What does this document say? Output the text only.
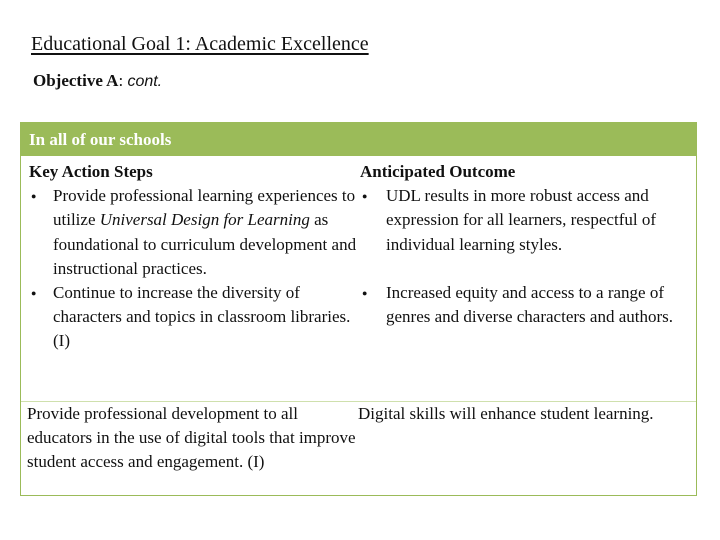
Educational Goal 1: Academic Excellence
Objective A: cont.
In all of our schools
Key Action Steps
● Provide professional learning experiences to utilize Universal Design for Learning as foundational to curriculum development and instructional practices.
● Continue to increase the diversity of characters and topics in classroom libraries. (I)
Anticipated Outcome
● UDL results in more robust access and expression for all learners, respectful of individual learning styles.
● Increased equity and access to a range of genres and diverse characters and authors.

Provide professional development to all educators in the use of digital tools that improve student access and engagement. (I)

Digital skills will enhance student learning.
